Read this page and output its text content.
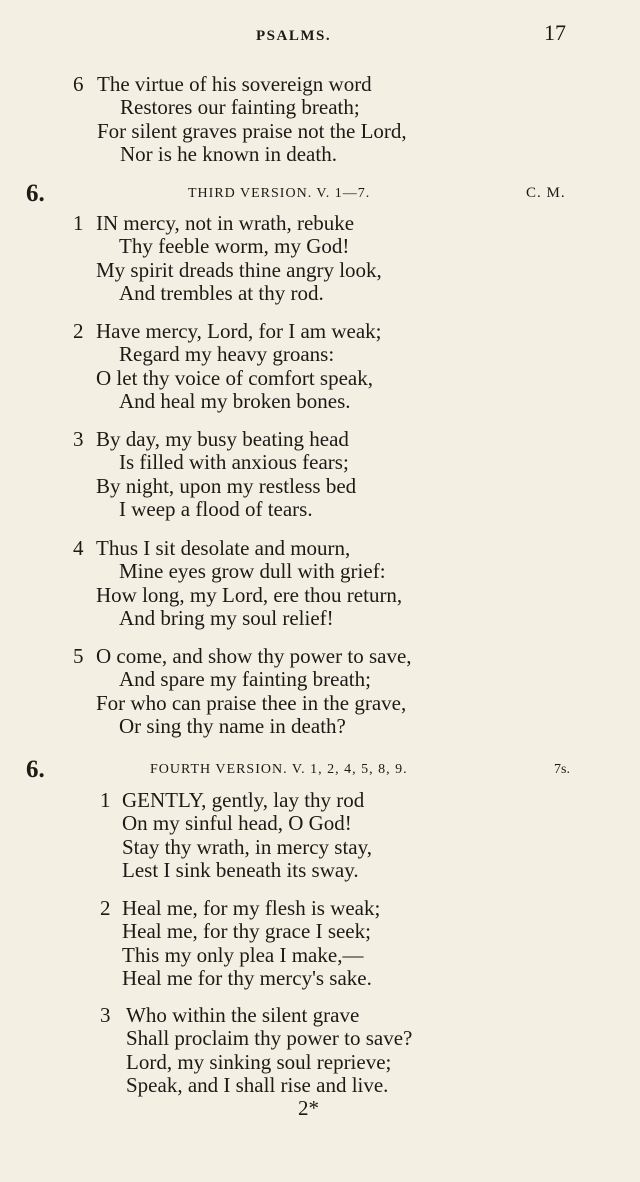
PSALMS.	17
6 The virtue of his sovereign word
Restores our fainting breath;
For silent graves praise not the Lord,
Nor is he known in death.
6.	THIRD VERSION. V. 1—7.	C. M.
1 IN mercy, not in wrath, rebuke
Thy feeble worm, my God!
My spirit dreads thine angry look,
And trembles at thy rod.
2 Have mercy, Lord, for I am weak;
Regard my heavy groans:
O let thy voice of comfort speak,
And heal my broken bones.
3 By day, my busy beating head
Is filled with anxious fears;
By night, upon my restless bed
I weep a flood of tears.
4 Thus I sit desolate and mourn,
Mine eyes grow dull with grief:
How long, my Lord, ere thou return,
And bring my soul relief!
5 O come, and show thy power to save,
And spare my fainting breath;
For who can praise thee in the grave,
Or sing thy name in death?
6.	FOURTH VERSION. V. 1, 2, 4, 5, 8, 9.	7s.
1 GENTLY, gently, lay thy rod
On my sinful head, O God!
Stay thy wrath, in mercy stay,
Lest I sink beneath its sway.
2 Heal me, for my flesh is weak;
Heal me, for thy grace I seek;
This my only plea I make,—
Heal me for thy mercy's sake.
3 Who within the silent grave
Shall proclaim thy power to save?
Lord, my sinking soul reprieve;
Speak, and I shall rise and live.
2*
